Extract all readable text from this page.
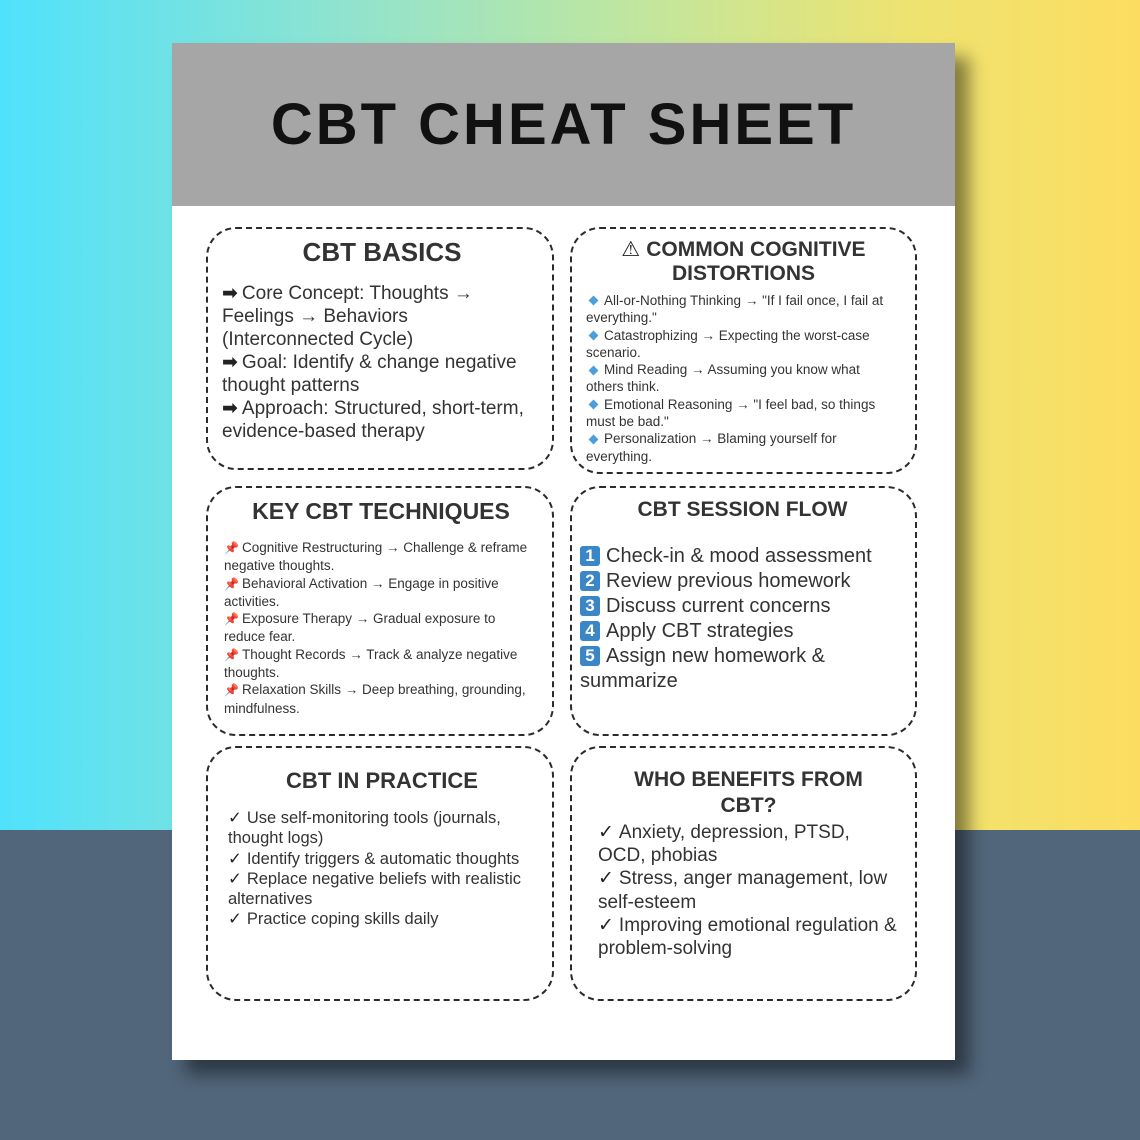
CBT CHEAT SHEET
CBT BASICS
➡ Core Concept: Thoughts → Feelings → Behaviors (Interconnected Cycle)
➡ Goal: Identify & change negative thought patterns
➡ Approach: Structured, short-term, evidence-based therapy
⚠ COMMON COGNITIVE DISTORTIONS
All-or-Nothing Thinking → "If I fail once, I fail at everything."
Catastrophizing → Expecting the worst-case scenario.
Mind Reading → Assuming you know what others think.
Emotional Reasoning → "I feel bad, so things must be bad."
Personalization → Blaming yourself for everything.
KEY CBT TECHNIQUES
📌 Cognitive Restructuring → Challenge & reframe negative thoughts.
📌 Behavioral Activation → Engage in positive activities.
📌 Exposure Therapy → Gradual exposure to reduce fear.
📌 Thought Records → Track & analyze negative thoughts.
📌 Relaxation Skills → Deep breathing, grounding, mindfulness.
CBT SESSION FLOW
1 Check-in & mood assessment
2 Review previous homework
3 Discuss current concerns
4 Apply CBT strategies
5 Assign new homework & summarize
CBT IN PRACTICE
✓ Use self-monitoring tools (journals, thought logs)
✓ Identify triggers & automatic thoughts
✓ Replace negative beliefs with realistic alternatives
✓ Practice coping skills daily
WHO BENEFITS FROM CBT?
✓ Anxiety, depression, PTSD, OCD, phobias
✓ Stress, anger management, low self-esteem
✓ Improving emotional regulation & problem-solving
